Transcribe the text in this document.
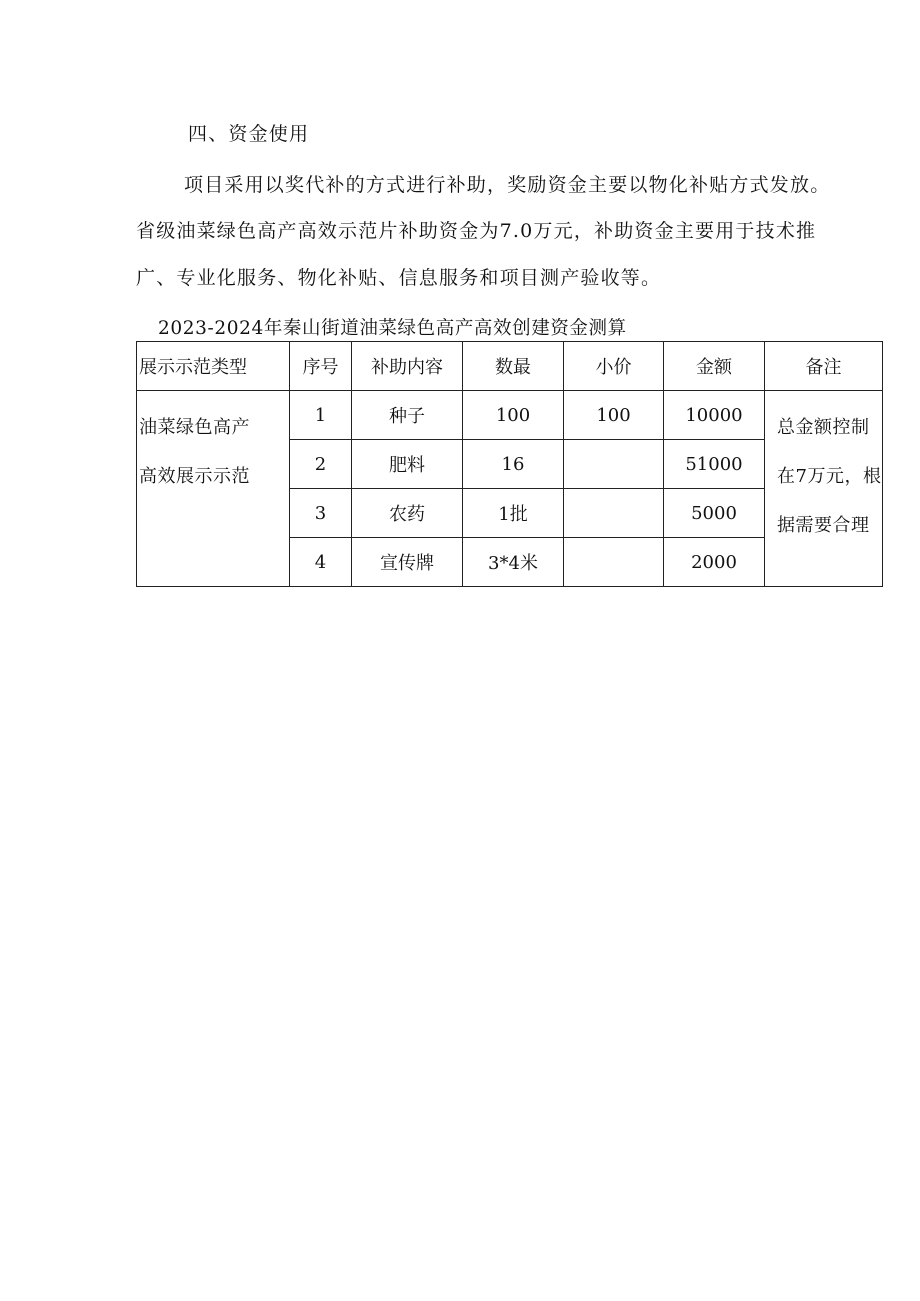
四、资金使用
项目采用以奖代补的方式进行补助，奖励资金主要以物化补贴方式发放。
省级油菜绿色高产高效示范片补助资金为7.0万元，补助资金主要用于技术推
广、专业化服务、物化补贴、信息服务和项目测产验收等。
2023-2024年秦山街道油菜绿色高产高效创建资金测算
展示示范类型	序号	补助内容	数最	小价	金额	备注

油菜绿色高产
高效展示示范	1	种子	100	100	10000	总金额控制在7万元，根据需要合理
	2	肥料	16		51000	
	3	农药	1批		5000	
	4	宣传牌	3*4米		2000	
